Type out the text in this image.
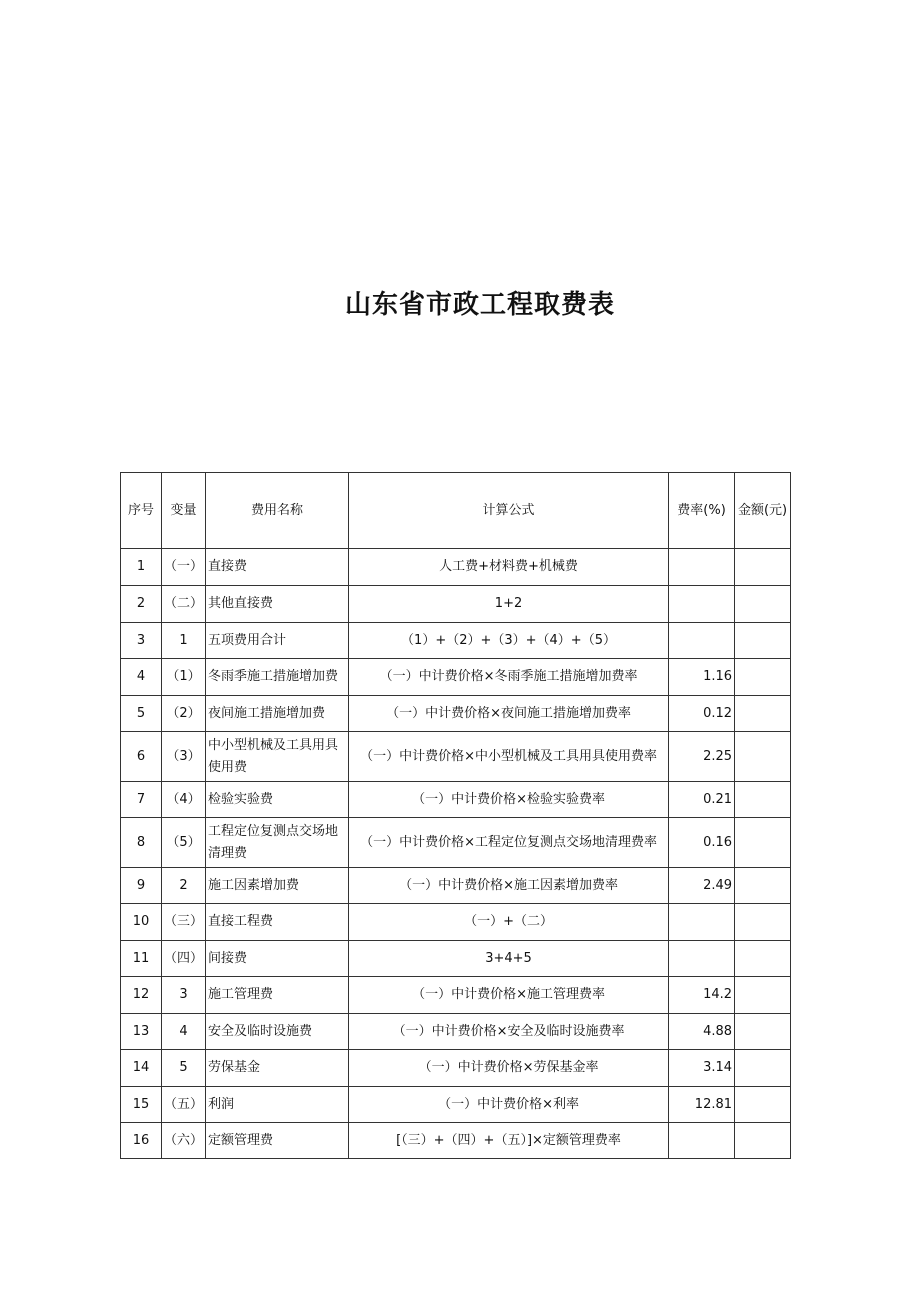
山东省市政工程取费表
序号	变量	费用名称	计算公式	费率(%)	金额(元)
1	（一）	直接费	人工费+材料费+机械费		
2	（二）	其他直接费	1+2		
3	1	五项费用合计	（1）+（2）+（3）+（4）+（5）		
4	（1）	冬雨季施工措施增加费	（一）中计费价格×冬雨季施工措施增加费率	1.16	
5	（2）	夜间施工措施增加费	（一）中计费价格×夜间施工措施增加费率	0.12	
6	（3）	中小型机械及工具用具使用费	（一）中计费价格×中小型机械及工具用具使用费率	2.25	
7	（4）	检验实验费	（一）中计费价格×检验实验费率	0.21	
8	（5）	工程定位复测点交场地清理费	（一）中计费价格×工程定位复测点交场地清理费率	0.16	
9	2	施工因素增加费	（一）中计费价格×施工因素增加费率	2.49	
10	（三）	直接工程费	（一）+（二）		
11	（四）	间接费	3+4+5		
12	3	施工管理费	（一）中计费价格×施工管理费率	14.2	
13	4	安全及临时设施费	（一）中计费价格×安全及临时设施费率	4.88	
14	5	劳保基金	（一）中计费价格×劳保基金率	3.14	
15	（五）	利润	（一）中计费价格×利率	12.81	
16	（六）	定额管理费	[（三）+（四）+（五）]×定额管理费率		
